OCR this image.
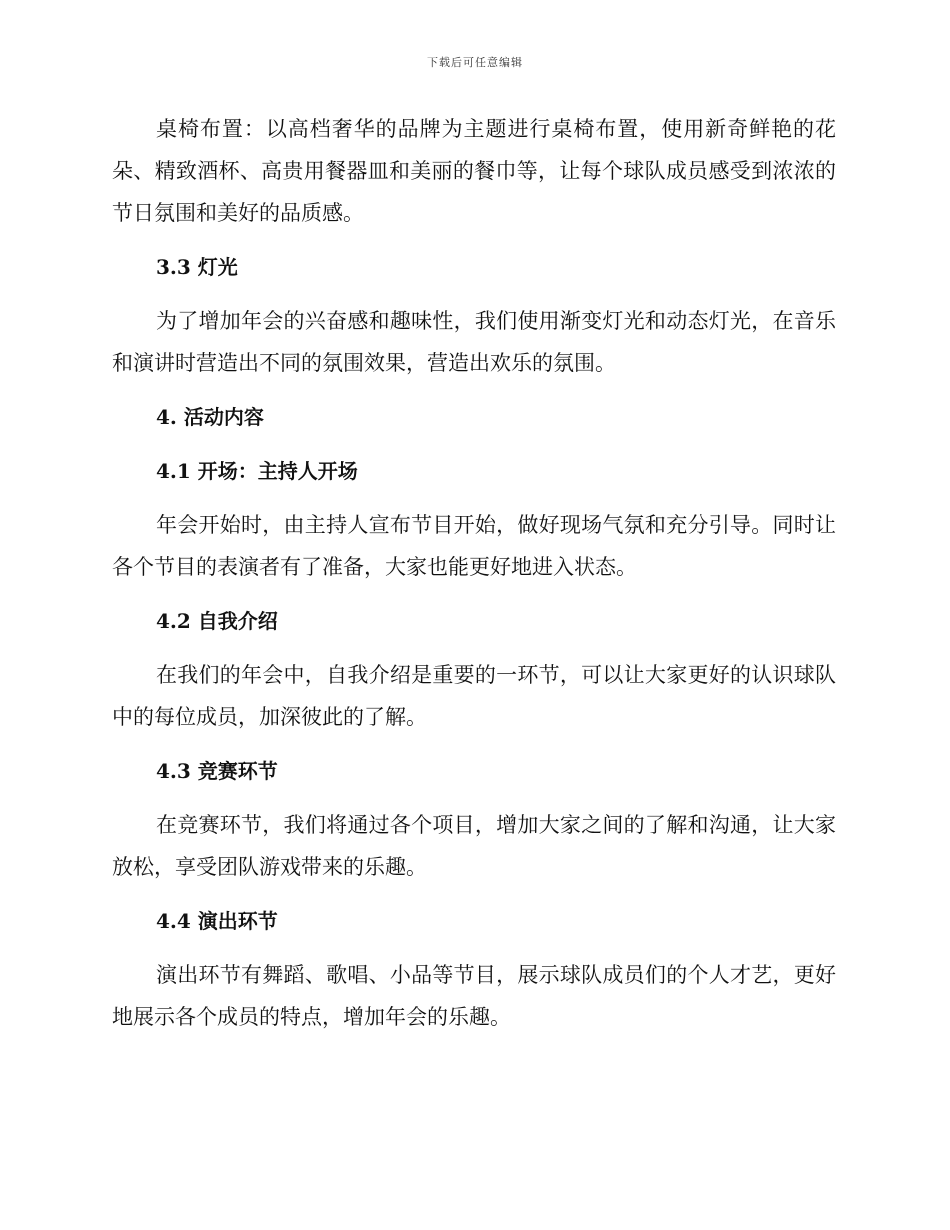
下载后可任意编辑

桌椅布置：以高档奢华的品牌为主题进行桌椅布置，使用新奇鲜艳的花朵、精致酒杯、高贵用餐器皿和美丽的餐巾等，让每个球队成员感受到浓浓的节日氛围和美好的品质感。

3.3 灯光

为了增加年会的兴奋感和趣味性，我们使用渐变灯光和动态灯光，在音乐和演讲时营造出不同的氛围效果，营造出欢乐的氛围。

4. 活动内容
4.1 开场：主持人开场

年会开始时，由主持人宣布节目开始，做好现场气氛和充分引导。同时让各个节目的表演者有了准备，大家也能更好地进入状态。

4.2 自我介绍

在我们的年会中，自我介绍是重要的一环节，可以让大家更好的认识球队中的每位成员，加深彼此的了解。

4.3 竞赛环节

在竞赛环节，我们将通过各个项目，增加大家之间的了解和沟通，让大家放松，享受团队游戏带来的乐趣。

4.4 演出环节

演出环节有舞蹈、歌唱、小品等节目，展示球队成员们的个人才艺，更好地展示各个成员的特点，增加年会的乐趣。
